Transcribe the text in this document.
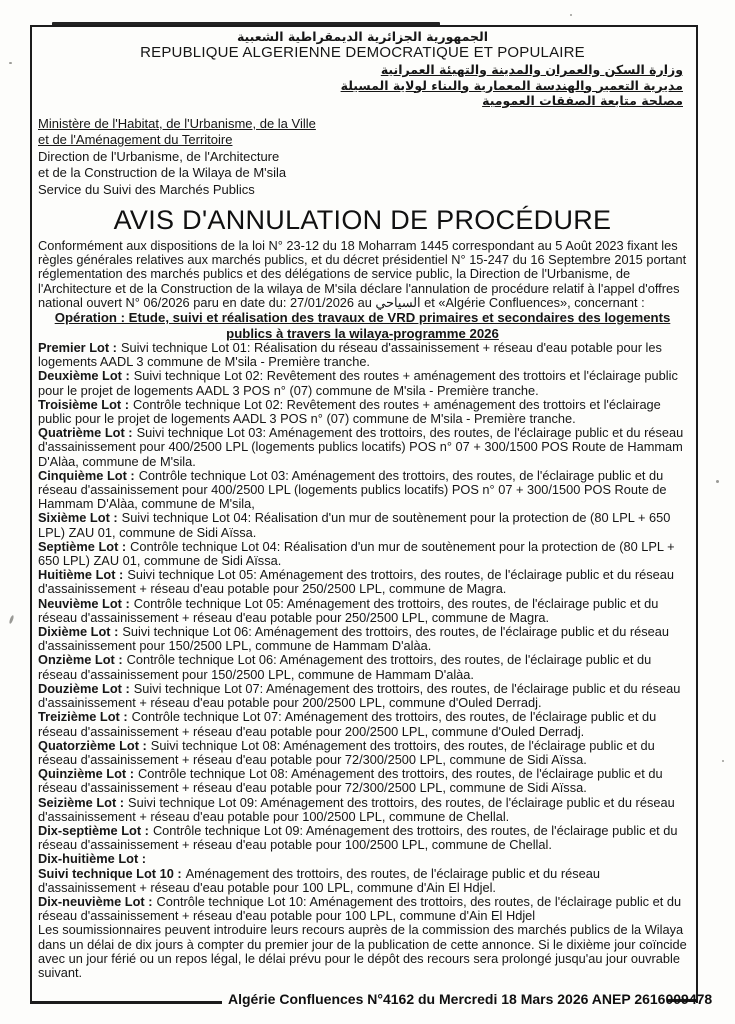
الجمهورية الجزائرية الديمقراطية الشعبية

REPUBLIQUE ALGERIENNE DEMOCRATIQUE ET POPULAIRE

وزارة السكن والعمران والمدينة والتهيئة العمرانية

مديرية التعمير والهندسة المعمارية والبناء لولاية المسيلة

مصلحة متابعة الصفقات العمومية

Ministère de l'Habitat, de l'Urbanisme, de la Ville

et de l'Aménagement du Territoire

Direction de l'Urbanisme, de l'Architecture

et de la Construction de la Wilaya de M'sila

Service du Suivi des Marchés Publics

AVIS D'ANNULATION DE PROCÉDURE

Conformément aux dispositions de la loi N° 23-12 du 18 Moharram 1445 correspondant au 5 Août 2023 fixant les règles générales relatives aux marchés publics, et du décret présidentiel N° 15-247 du 16 Septembre 2015 portant réglementation des marchés publics et des délégations de service public, la Direction de l'Urbanisme, de l'Architecture et de la Construction de la wilaya de M'sila déclare l'annulation de procédure relatif à l'appel d'offres national ouvert N° 06/2026 paru en date du: 27/01/2026 au السياحي et «Algérie Confluences», concernant :

Opération : Etude, suivi et réalisation des travaux de VRD primaires et secondaires des logements publics à travers la wilaya-programme 2026

Premier Lot : Suivi technique Lot 01: Réalisation du réseau d'assainissement + réseau d'eau potable pour les logements AADL 3 commune de M'sila - Première tranche.

Deuxième Lot : Suivi technique Lot 02: Revêtement des routes + aménagement des trottoirs et l'éclairage public pour le projet de logements AADL 3 POS n° (07) commune de M'sila - Première tranche.

Troisième Lot : Contrôle technique Lot 02: Revêtement des routes + aménagement des trottoirs et l'éclairage public pour le projet de logements AADL 3 POS n° (07) commune de M'sila - Première tranche.

Quatrième Lot : Suivi technique Lot 03: Aménagement des trottoirs, des routes, de l'éclairage public et du réseau d'assainissement pour 400/2500 LPL (logements publics locatifs) POS n° 07 + 300/1500 POS Route de Hammam D'Alàa, commune de M'sila.

Cinquième Lot : Contrôle technique Lot 03: Aménagement des trottoirs, des routes, de l'éclairage public et du réseau d'assainissement pour 400/2500 LPL (logements publics locatifs) POS n° 07 + 300/1500 POS Route de Hammam D'Alàa, commune de M'sila,

Sixième Lot : Suivi technique Lot 04: Réalisation d'un mur de soutènement pour la protection de (80 LPL + 650 LPL) ZAU 01, commune de Sidi Aïssa.

Septième Lot : Contrôle technique Lot 04: Réalisation d'un mur de soutènement pour la protection de (80 LPL + 650 LPL) ZAU 01, commune de Sidi Aïssa.

Huitième Lot : Suivi technique Lot 05: Aménagement des trottoirs, des routes, de l'éclairage public et du réseau d'assainissement + réseau d'eau potable pour 250/2500 LPL, commune de Magra.

Neuvième Lot : Contrôle technique Lot 05: Aménagement des trottoirs, des routes, de l'éclairage public et du réseau d'assainissement + réseau d'eau potable pour 250/2500 LPL, commune de Magra.

Dixième Lot : Suivi technique Lot 06: Aménagement des trottoirs, des routes, de l'éclairage public et du réseau d'assainissement pour 150/2500 LPL, commune de Hammam D'alàa.

Onzième Lot : Contrôle technique Lot 06: Aménagement des trottoirs, des routes, de l'éclairage public et du réseau d'assainissement pour 150/2500 LPL, commune de Hammam D'alàa.

Douzième Lot : Suivi technique Lot 07: Aménagement des trottoirs, des routes, de l'éclairage public et du réseau d'assainissement + réseau d'eau potable pour 200/2500 LPL, commune d'Ouled Derradj.

Treizième Lot : Contrôle technique Lot 07: Aménagement des trottoirs, des routes, de l'éclairage public et du réseau d'assainissement + réseau d'eau potable pour 200/2500 LPL, commune d'Ouled Derradj.

Quatorzième Lot : Suivi technique Lot 08: Aménagement des trottoirs, des routes, de l'éclairage public et du réseau d'assainissement + réseau d'eau potable pour 72/300/2500 LPL, commune de Sidi Aïssa.

Quinzième Lot : Contrôle technique Lot 08: Aménagement des trottoirs, des routes, de l'éclairage public et du réseau d'assainissement + réseau d'eau potable pour 72/300/2500 LPL, commune de Sidi Aïssa.

Seizième Lot : Suivi technique Lot 09: Aménagement des trottoirs, des routes, de l'éclairage public et du réseau d'assainissement + réseau d'eau potable pour 100/2500 LPL, commune de Chellal.

Dix-septième Lot : Contrôle technique Lot 09: Aménagement des trottoirs, des routes, de l'éclairage public et du réseau d'assainissement + réseau d'eau potable pour 100/2500 LPL, commune de Chellal.

Dix-huitième Lot :

Suivi technique Lot 10 : Aménagement des trottoirs, des routes, de l'éclairage public et du réseau d'assainissement + réseau d'eau potable pour 100 LPL, commune d'Ain El Hdjel.

Dix-neuvième Lot : Contrôle technique Lot 10: Aménagement des trottoirs, des routes, de l'éclairage public et du réseau d'assainissement + réseau d'eau potable pour 100 LPL, commune d'Ain El Hdjel

Les soumissionnaires peuvent introduire leurs recours auprès de la commission des marchés publics de la Wilaya dans un délai de dix jours à compter du premier jour de la publication de cette annonce. Si le dixième jour coïncide avec un jour férié ou un repos légal, le délai prévu pour le dépôt des recours sera prolongé jusqu'au jour ouvrable suivant.

Algérie Confluences N°4162 du Mercredi 18 Mars 2026 ANEP 2616009478
